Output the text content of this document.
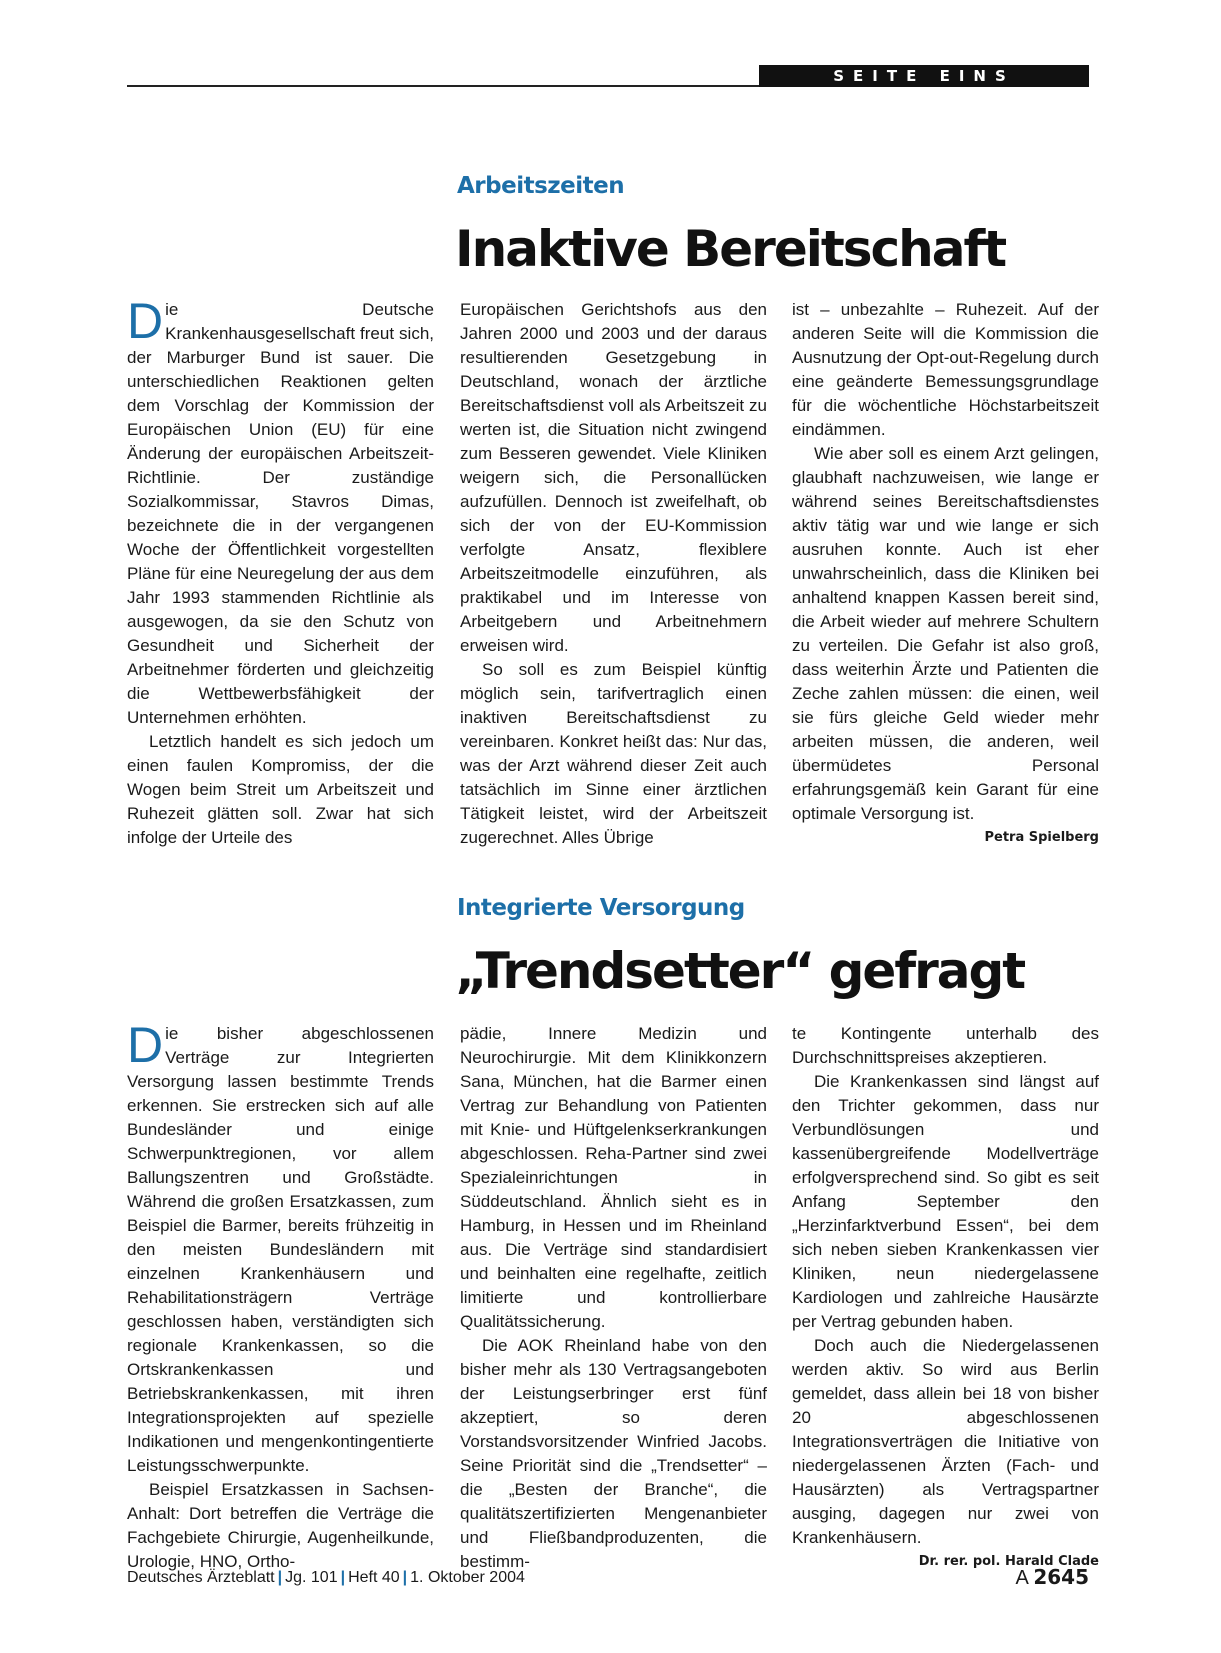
SEITE EINS
Arbeitszeiten
Inaktive Bereitschaft

Die Deutsche Krankenhausgesellschaft freut sich, der Marburger Bund ist sauer. Die unterschiedlichen Reaktionen gelten dem Vorschlag der Kommission der Europäischen Union (EU) für eine Änderung der europäischen Arbeitszeit-Richtlinie. Der zuständige Sozialkommissar, Stavros Dimas, bezeichnete die in der vergangenen Woche der Öffentlichkeit vorgestellten Pläne für eine Neuregelung der aus dem Jahr 1993 stammenden Richtlinie als ausgewogen, da sie den Schutz von Gesundheit und Sicherheit der Arbeitnehmer förderten und gleichzeitig die Wettbewerbsfähigkeit der Unternehmen erhöhten.

Letztlich handelt es sich jedoch um einen faulen Kompromiss, der die Wogen beim Streit um Arbeitszeit und Ruhezeit glätten soll. Zwar hat sich infolge der Urteile des

Europäischen Gerichtshofs aus den Jahren 2000 und 2003 und der daraus resultierenden Gesetzgebung in Deutschland, wonach der ärztliche Bereitschaftsdienst voll als Arbeitszeit zu werten ist, die Situation nicht zwingend zum Besseren gewendet. Viele Kliniken weigern sich, die Personallücken aufzufüllen. Dennoch ist zweifelhaft, ob sich der von der EU-Kommission verfolgte Ansatz, flexiblere Arbeitszeitmodelle einzuführen, als praktikabel und im Interesse von Arbeitgebern und Arbeitnehmern erweisen wird.

So soll es zum Beispiel künftig möglich sein, tarifvertraglich einen inaktiven Bereitschaftsdienst zu vereinbaren. Konkret heißt das: Nur das, was der Arzt während dieser Zeit auch tatsächlich im Sinne einer ärztlichen Tätigkeit leistet, wird der Arbeitszeit zugerechnet. Alles Übrige

ist – unbezahlte – Ruhezeit. Auf der anderen Seite will die Kommission die Ausnutzung der Opt-out-Regelung durch eine geänderte Bemessungsgrundlage für die wöchentliche Höchstarbeitszeit eindämmen.

Wie aber soll es einem Arzt gelingen, glaubhaft nachzuweisen, wie lange er während seines Bereitschaftsdienstes aktiv tätig war und wie lange er sich ausruhen konnte. Auch ist eher unwahrscheinlich, dass die Kliniken bei anhaltend knappen Kassen bereit sind, die Arbeit wieder auf mehrere Schultern zu verteilen. Die Gefahr ist also groß, dass weiterhin Ärzte und Patienten die Zeche zahlen müssen: die einen, weil sie fürs gleiche Geld wieder mehr arbeiten müssen, die anderen, weil übermüdetes Personal erfahrungsgemäß kein Garant für eine optimale Versorgung ist.
Petra Spielberg

Integrierte Versorgung
„Trendsetter“ gefragt

Die bisher abgeschlossenen Verträge zur Integrierten Versorgung lassen bestimmte Trends erkennen. Sie erstrecken sich auf alle Bundesländer und einige Schwerpunktregionen, vor allem Ballungszentren und Großstädte. Während die großen Ersatzkassen, zum Beispiel die Barmer, bereits frühzeitig in den meisten Bundesländern mit einzelnen Krankenhäusern und Rehabilitationsträgern Verträge geschlossen haben, verständigten sich regionale Krankenkassen, so die Ortskrankenkassen und Betriebskrankenkassen, mit ihren Integrationsprojekten auf spezielle Indikationen und mengenkontingentierte Leistungsschwerpunkte.

Beispiel Ersatzkassen in Sachsen-Anhalt: Dort betreffen die Verträge die Fachgebiete Chirurgie, Augenheilkunde, Urologie, HNO, Ortho-

pädie, Innere Medizin und Neurochirurgie. Mit dem Klinikkonzern Sana, München, hat die Barmer einen Vertrag zur Behandlung von Patienten mit Knie- und Hüftgelenkserkrankungen abgeschlossen. Reha-Partner sind zwei Spezialeinrichtungen in Süddeutschland. Ähnlich sieht es in Hamburg, in Hessen und im Rheinland aus. Die Verträge sind standardisiert und beinhalten eine regelhafte, zeitlich limitierte und kontrollierbare Qualitätssicherung.

Die AOK Rheinland habe von den bisher mehr als 130 Vertragsangeboten der Leistungserbringer erst fünf akzeptiert, so deren Vorstandsvorsitzender Winfried Jacobs. Seine Priorität sind die „Trendsetter“ – die „Besten der Branche“, die qualitätszertifizierten Mengenanbieter und Fließbandproduzenten, die bestimm-

te Kontingente unterhalb des Durchschnittspreises akzeptieren.

Die Krankenkassen sind längst auf den Trichter gekommen, dass nur Verbundlösungen und kassenübergreifende Modellverträge erfolgversprechend sind. So gibt es seit Anfang September den „Herzinfarktverbund Essen“, bei dem sich neben sieben Krankenkassen vier Kliniken, neun niedergelassene Kardiologen und zahlreiche Hausärzte per Vertrag gebunden haben.

Doch auch die Niedergelassenen werden aktiv. So wird aus Berlin gemeldet, dass allein bei 18 von bisher 20 abgeschlossenen Integrationsverträgen die Initiative von niedergelassenen Ärzten (Fach- und Hausärzten) als Vertragspartner ausging, dagegen nur zwei von Krankenhäusern.
Dr. rer. pol. Harald Clade

Deutsches Ärzteblatt | Jg. 101 | Heft 40 | 1. Oktober 2004	A 2645
